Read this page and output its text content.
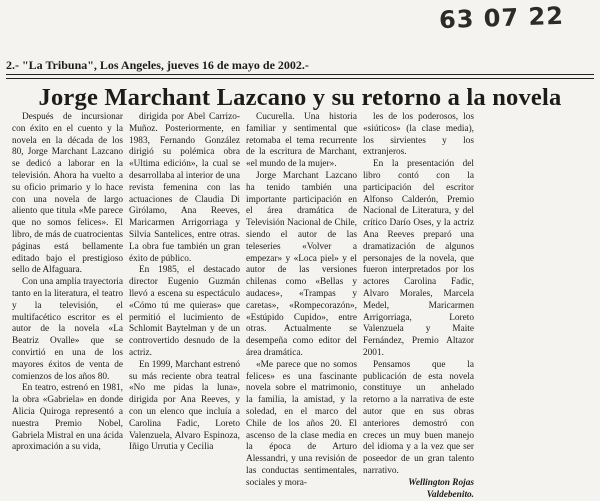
63 07 22
2.- "La Tribuna", Los Angeles, jueves 16 de mayo de 2002.-
Jorge Marchant Lazcano y su retorno a la novela

Después de incursionar con éxito en el cuento y la novela en la década de los 80, Jorge Marchant Lazcano se dedicó a laborar en la televisión. Ahora ha vuelto a su oficio primario y lo hace con una novela de largo aliento que titula «Me parece que no somos felices». El libro, de más de cuatrocientas páginas está bellamente editado bajo el prestigioso sello de Alfaguara.

Con una amplia trayectoria tanto en la literatura, el teatro y la televisión, el multifacético escritor es el autor de la novela «La Beatriz Ovalle» que se convirtió en una de los mayores éxitos de venta de comienzos de los años 80.

En teatro, estrenó en 1981, la obra «Gabriela» en donde Alicia Quiroga representó a nuestra Premio Nobel, Gabriela Mistral en una ácida aproximación a su vida,

dirigida por Abel Carrizo-Muñoz. Posteriormente, en 1983, Fernando González dirigió su polémica obra «Ultima edición», la cual se desarrollaba al interior de una revista femenina con las actuaciones de Claudia Di Girólamo, Ana Reeves, Maricarmen Arrigorriaga y Silvia Santelices, entre otras. La obra fue también un gran éxito de público.

En 1985, el destacado director Eugenio Guzmán llevó a escena su espectáculo «Cómo tú me quieras» que permitió el lucimiento de Schlomit Baytelman y de un controvertido desnudo de la actriz.

En 1999, Marchant estrenó su más reciente obra teatral «No me pidas la luna», dirigida por Ana Reeves, y con un elenco que incluía a Carolina Fadic, Loreto Valenzuela, Alvaro Espinoza, Iñigo Urrutia y Cecilia

Cucurella. Una historia familiar y sentimental que retomaba el tema recurrente de la escritura de Marchant, «el mundo de la mujer».

Jorge Marchant Lazcano ha tenido también una importante participación en el área dramática de Televisión Nacional de Chile, siendo el autor de las teleseries «Volver a empezar» y «Loca piel» y el autor de las versiones chilenas como «Bellas y audaces», «Trampas y caretas», «Rompecorazón», «Estúpido Cupido», entre otras. Actualmente se desempeña como editor del área dramática.

«Me parece que no somos felices» es una fascinante novela sobre el matrimonio, la familia, la amistad, y la soledad, en el marco del Chile de los años 20. El ascenso de la clase media en la época de Arturo Alessandri, y una revisión de las conductas sentimentales, sociales y mora-

les de los poderosos, los «siúticos» (la clase media), los sirvientes y los extranjeros.

En la presentación del libro contó con la participación del escritor Alfonso Calderón, Premio Nacional de Literatura, y del crítico Darío Oses, y la actriz Ana Reeves preparó una dramatización de algunos personajes de la novela, que fueron interpretados por los actores Carolina Fadic, Alvaro Morales, Marcela Medel, Maricarmen Arrigorriaga, Loreto Valenzuela y Maite Fernández, Premio Altazor 2001.

Pensamos que la publicación de esta novela constituye un anhelado retorno a la narrativa de este autor que en sus obras anteriores demostró con creces un muy buen manejo del idioma y a la vez que ser poseedor de un gran talento narrativo.

Wellington Rojas

Valdebenito.
